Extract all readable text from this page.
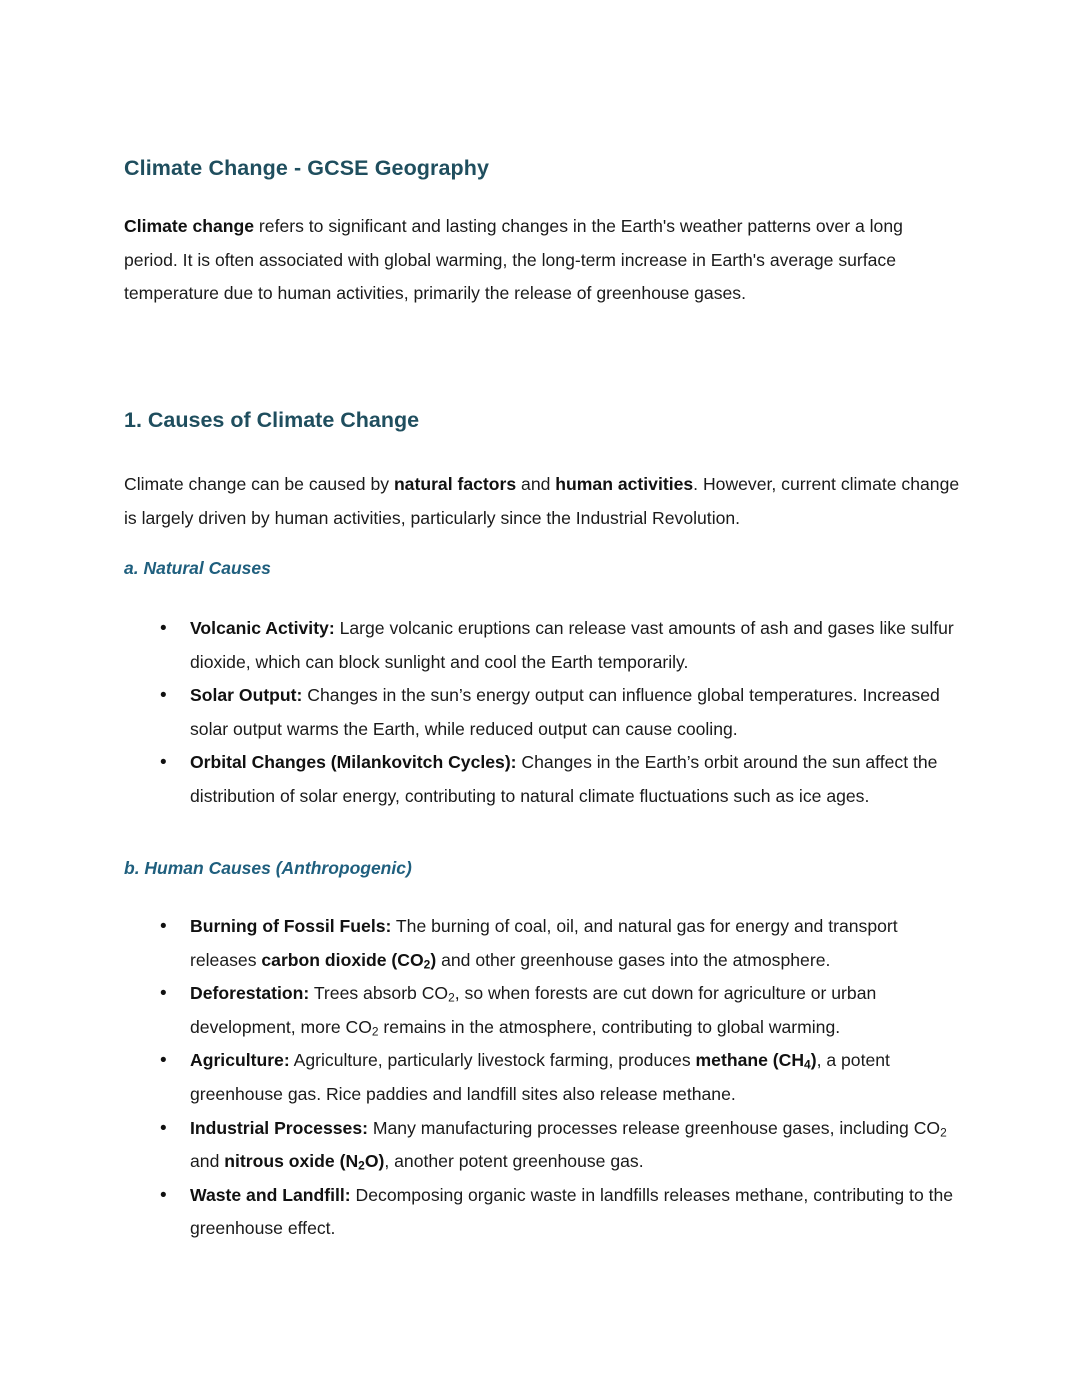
Climate Change - GCSE Geography

Climate change refers to significant and lasting changes in the Earth's weather patterns over a long period. It is often associated with global warming, the long-term increase in Earth's average surface temperature due to human activities, primarily the release of greenhouse gases.

1. Causes of Climate Change

Climate change can be caused by natural factors and human activities. However, current climate change is largely driven by human activities, particularly since the Industrial Revolution.

a. Natural Causes
• Volcanic Activity: Large volcanic eruptions can release vast amounts of ash and gases like sulfur dioxide, which can block sunlight and cool the Earth temporarily.
• Solar Output: Changes in the sun’s energy output can influence global temperatures. Increased solar output warms the Earth, while reduced output can cause cooling.
• Orbital Changes (Milankovitch Cycles): Changes in the Earth’s orbit around the sun affect the distribution of solar energy, contributing to natural climate fluctuations such as ice ages.
b. Human Causes (Anthropogenic)
• Burning of Fossil Fuels: The burning of coal, oil, and natural gas for energy and transport releases carbon dioxide $(CO_2)$ and other greenhouse gases into the atmosphere.
• Deforestation: Trees absorb $CO_2$, so when forests are cut down for agriculture or urban development, more $CO_2$ remains in the atmosphere, contributing to global warming.
• Agriculture: Agriculture, particularly livestock farming, produces methane $(CH_4)$, a potent greenhouse gas. Rice paddies and landfill sites also release methane.
• Industrial Processes: Many manufacturing processes release greenhouse gases, including $CO_2$ and nitrous oxide $(N_2O)$, another potent greenhouse gas.
• Waste and Landfill: Decomposing organic waste in landfills releases methane, contributing to the greenhouse effect.
